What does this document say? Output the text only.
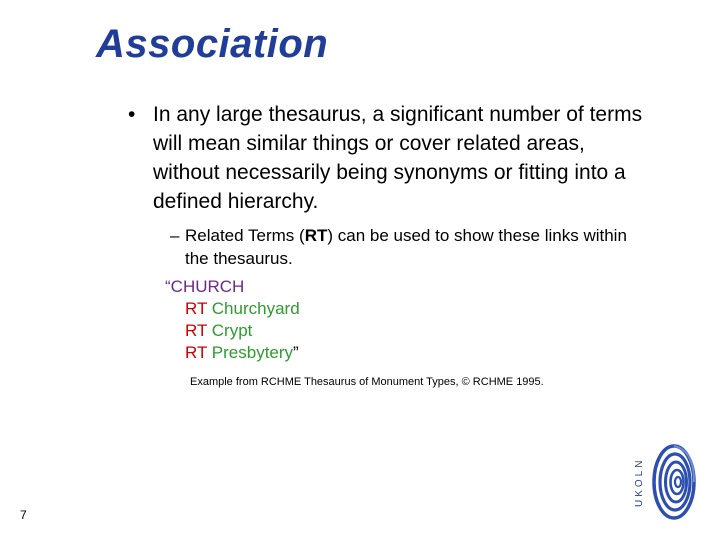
Association
• In any large thesaurus, a significant number of terms will mean similar things or cover related areas, without necessarily being synonyms or fitting into a defined hierarchy.
– Related Terms (RT) can be used to show these links within the thesaurus.
“CHURCH
RT Churchyard
RT Crypt
RT Presbytery”
Example from RCHME Thesaurus of Monument Types, © RCHME 1995.
7
UKOLN
